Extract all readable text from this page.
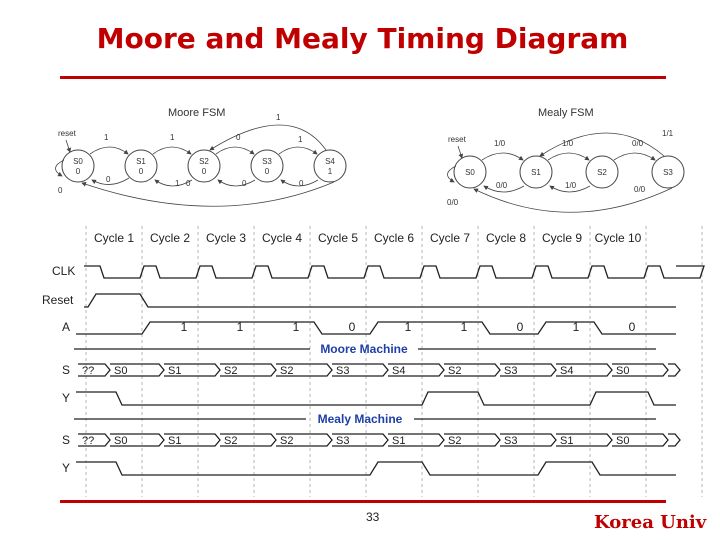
Moore and Mealy Timing Diagram
Moore FSM
reset
S0
0
S1
0
S2
0
S3
0
S4
1
1	1	0	1
1
0
0
1 0	0	0
Mealy FSM
reset
S0	S1	S2	S3
1/0	1/0	0/0
1/1
0/0	1/0	0/0
0/0
Cycle 1 Cycle 2 Cycle 3 Cycle 4 Cycle 5 Cycle 6 Cycle 7 Cycle 8 Cycle 9 Cycle 10
CLK
Reset
A
S
Y
S
Y
1	1	1	0	1	1	0	1	0
Moore Machine
Mealy Machine
?? S0	S1	S2	S2	S3	S4	S2	S3	S4	S0
?? S0	S1	S2	S2	S3	S1	S2	S3	S1	S0
33	Korea Univ
